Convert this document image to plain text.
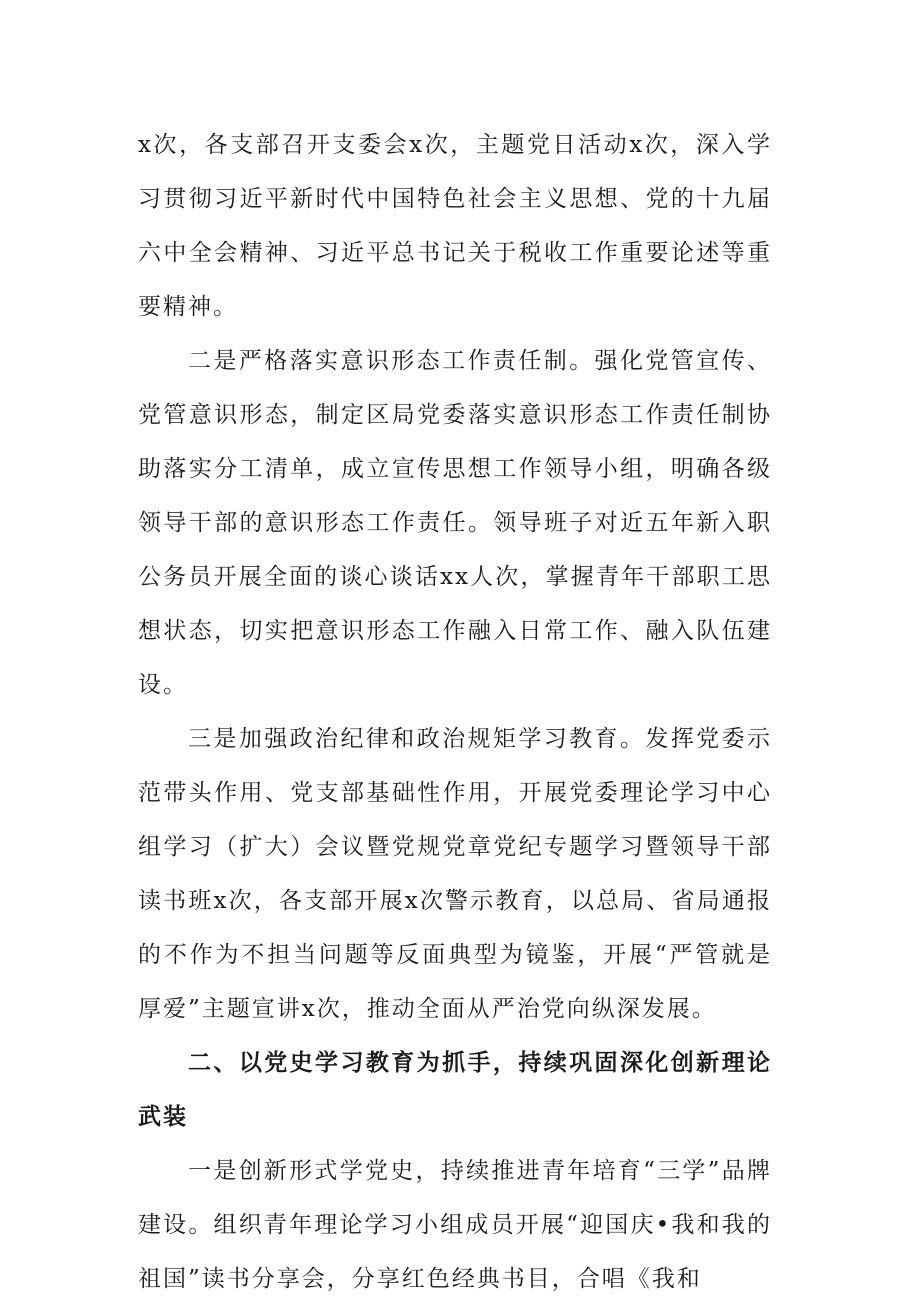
x次，各支部召开支委会x次，主题党日活动x次，深入学习贯彻习近平新时代中国特色社会主义思想、党的十九届六中全会精神、习近平总书记关于税收工作重要论述等重要精神。

二是严格落实意识形态工作责任制。强化党管宣传、党管意识形态，制定区局党委落实意识形态工作责任制协助落实分工清单，成立宣传思想工作领导小组，明确各级领导干部的意识形态工作责任。领导班子对近五年新入职公务员开展全面的谈心谈话xx人次，掌握青年干部职工思想状态，切实把意识形态工作融入日常工作、融入队伍建设。

三是加强政治纪律和政治规矩学习教育。发挥党委示范带头作用、党支部基础性作用，开展党委理论学习中心组学习（扩大）会议暨党规党章党纪专题学习暨领导干部读书班x次，各支部开展x次警示教育，以总局、省局通报的不作为不担当问题等反面典型为镜鉴，开展“严管就是厚爱”主题宣讲x次，推动全面从严治党向纵深发展。

二、以党史学习教育为抓手，持续巩固深化创新理论武装

一是创新形式学党史，持续推进青年培育“三学”品牌建设。组织青年理论学习小组成员开展“迎国庆•我和我的祖国”读书分享会，分享红色经典书目，合唱《我和
